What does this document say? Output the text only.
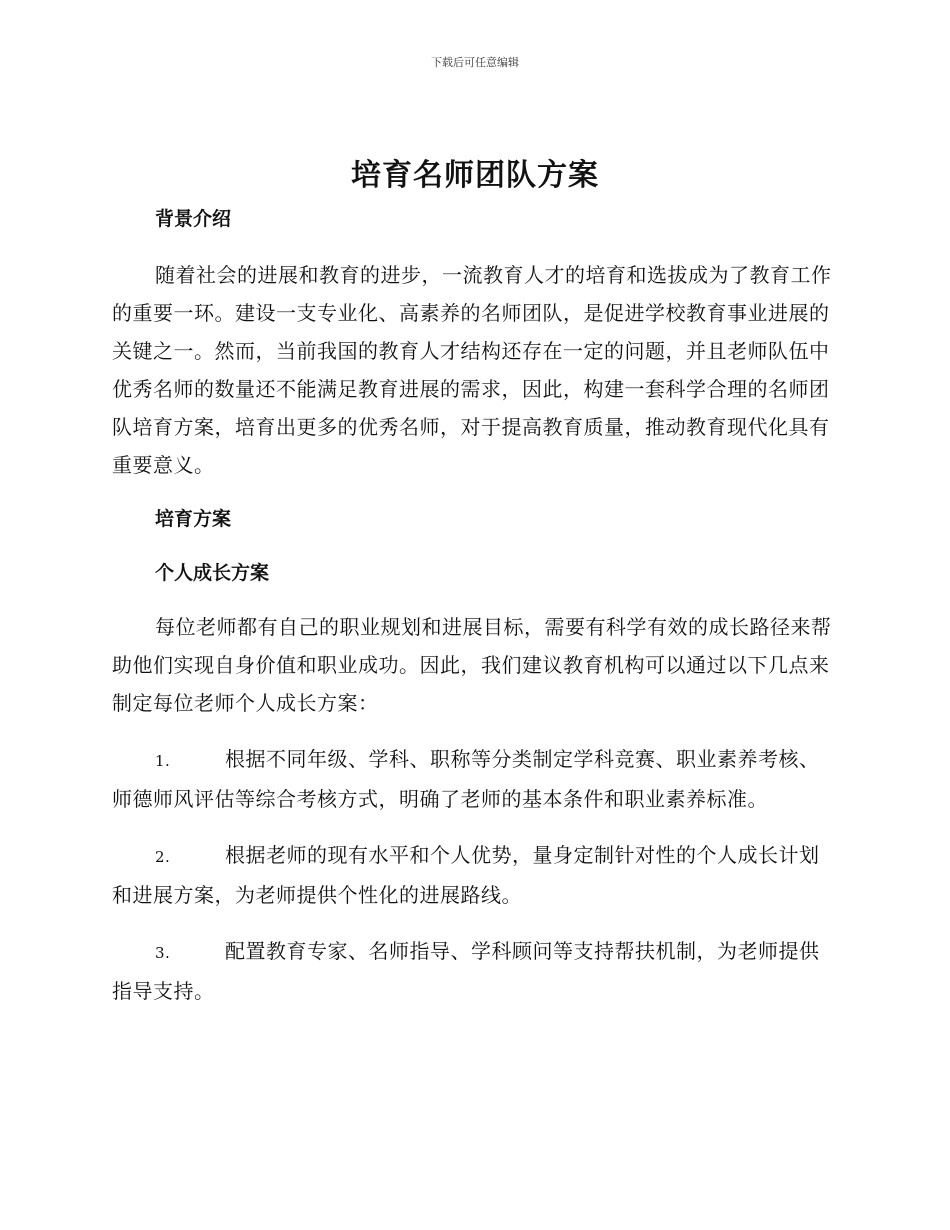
下载后可任意编辑
培育名师团队方案

背景介绍

随着社会的进展和教育的进步，一流教育人才的培育和选拔成为了教育工作的重要一环。建设一支专业化、高素养的名师团队，是促进学校教育事业进展的关键之一。然而，当前我国的教育人才结构还存在一定的问题，并且老师队伍中优秀名师的数量还不能满足教育进展的需求，因此，构建一套科学合理的名师团队培育方案，培育出更多的优秀名师，对于提高教育质量，推动教育现代化具有重要意义。

培育方案

个人成长方案

每位老师都有自己的职业规划和进展目标，需要有科学有效的成长路径来帮助他们实现自身价值和职业成功。因此，我们建议教育机构可以通过以下几点来制定每位老师个人成长方案：

1.	根据不同年级、学科、职称等分类制定学科竞赛、职业素养考核、师德师风评估等综合考核方式，明确了老师的基本条件和职业素养标准。

2.	根据老师的现有水平和个人优势，量身定制针对性的个人成长计划和进展方案，为老师提供个性化的进展路线。

3.	配置教育专家、名师指导、学科顾问等支持帮扶机制，为老师提供指导支持。
